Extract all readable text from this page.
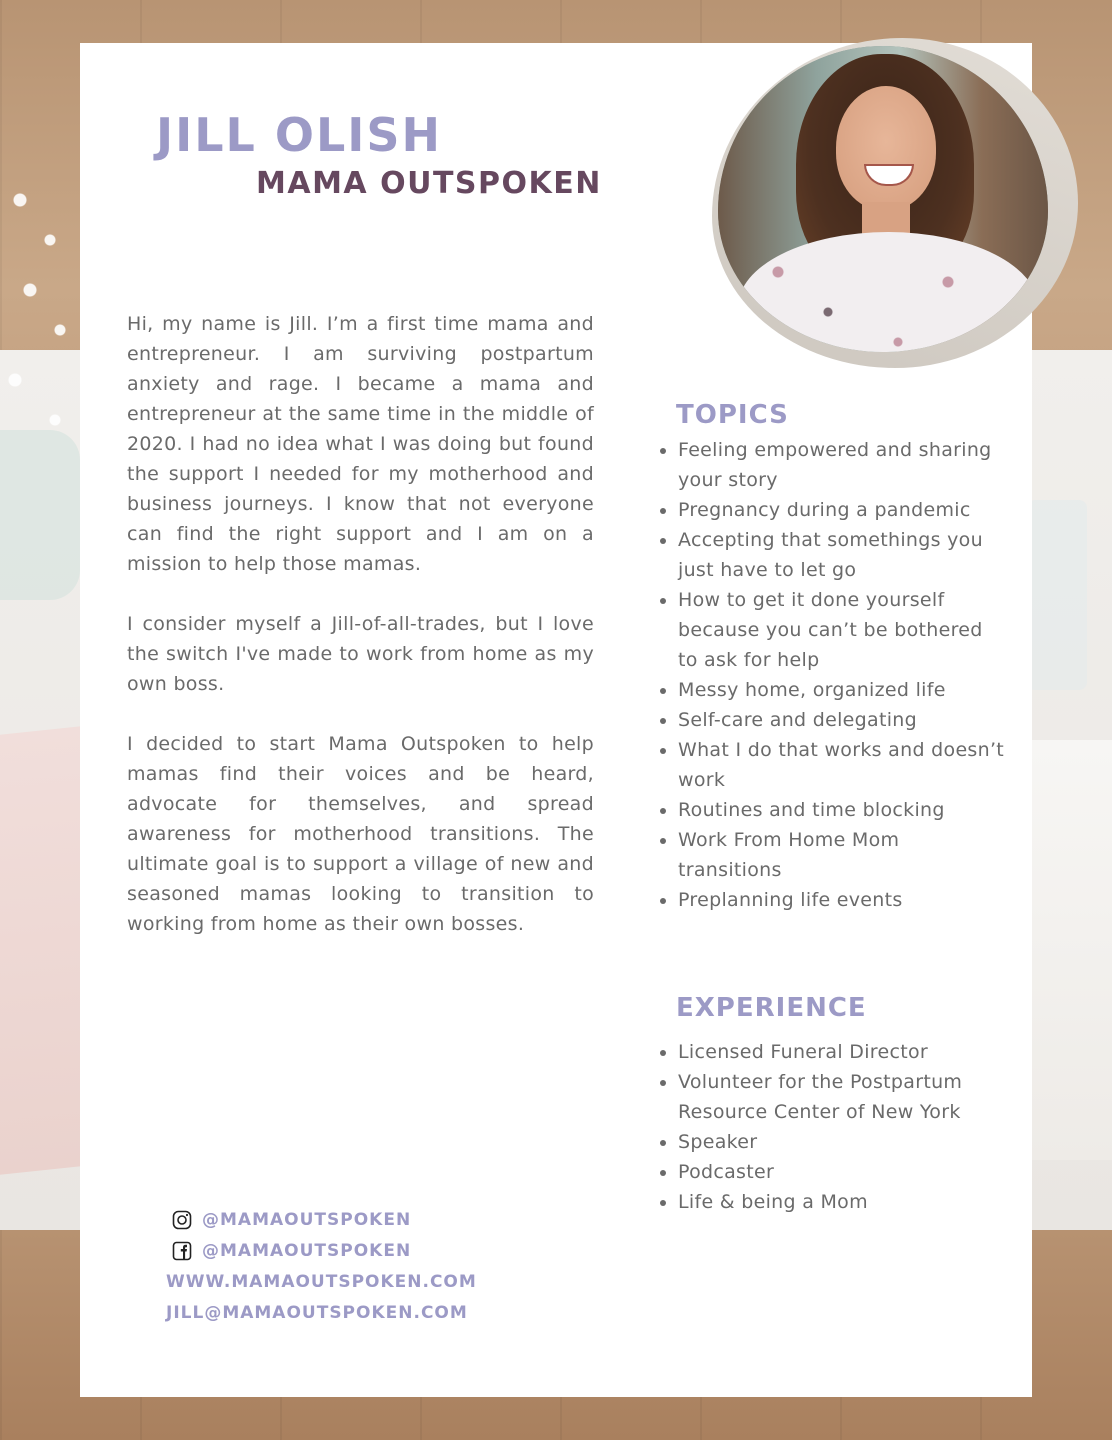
JILL OLISH
MAMA OUTSPOKEN

Hi, my name is Jill. I’m a first time mama and entrepreneur. I am surviving postpartum anxiety and rage. I became a mama and entrepreneur at the same time in the middle of 2020. I had no idea what I was doing but found the support I needed for my motherhood and business journeys. I know that not everyone can find the right support and I am on a mission to help those mamas.

I consider myself a Jill-of-all-trades, but I love the switch I've made to work from home as my own boss.

I decided to start Mama Outspoken to help mamas find their voices and be heard, advocate for themselves, and spread awareness for motherhood transitions. The ultimate goal is to support a village of new and seasoned mamas looking to transition to working from home as their own bosses.

TOPICS
• Feeling empowered and sharing your story
• Pregnancy during a pandemic
• Accepting that somethings you just have to let go
• How to get it done yourself because you can’t be bothered to ask for help
• Messy home, organized life
• Self-care and delegating
• What I do that works and doesn’t work
• Routines and time blocking
• Work From Home Mom transitions
• Preplanning life events
EXPERIENCE
• Licensed Funeral Director
• Volunteer for the Postpartum Resource Center of New York
• Speaker
• Podcaster
• Life & being a Mom
@MAMAOUTSPOKEN
@MAMAOUTSPOKEN
WWW.MAMAOUTSPOKEN.COM
JILL@MAMAOUTSPOKEN.COM
